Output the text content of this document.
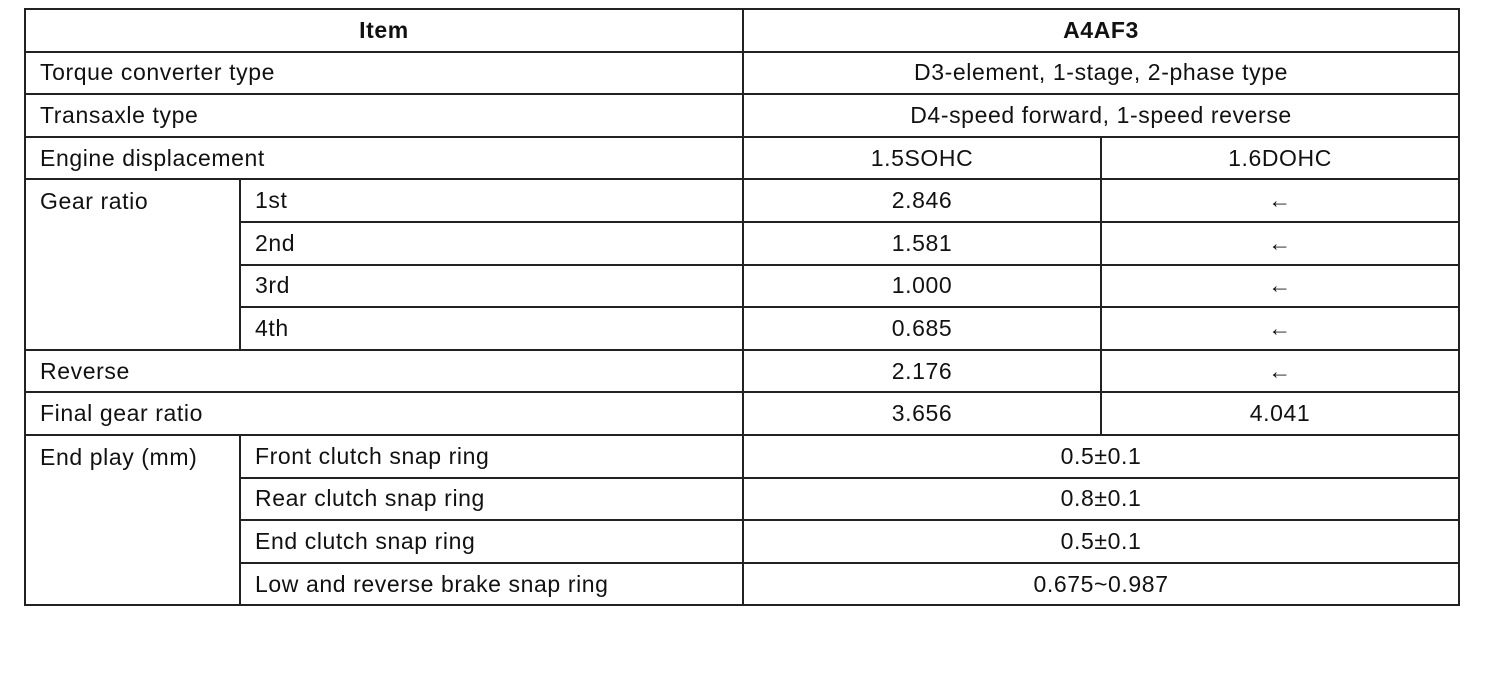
Item		A4AF3	
Torque converter type		D3-element, 1-stage, 2-phase type	
Transaxle type		D4-speed forward, 1-speed reverse	
Engine displacement		1.5SOHC	1.6DOHC
Gear ratio	1st	2.846	←
	2nd	1.581	←
	3rd	1.000	←
	4th	0.685	←
Reverse		2.176	←
Final gear ratio		3.656	4.041
End play (mm)	Front clutch snap ring	0.5±0.1	
	Rear clutch snap ring	0.8±0.1	
	End clutch snap ring	0.5±0.1	
	Low and reverse brake snap ring	0.675~0.987	
